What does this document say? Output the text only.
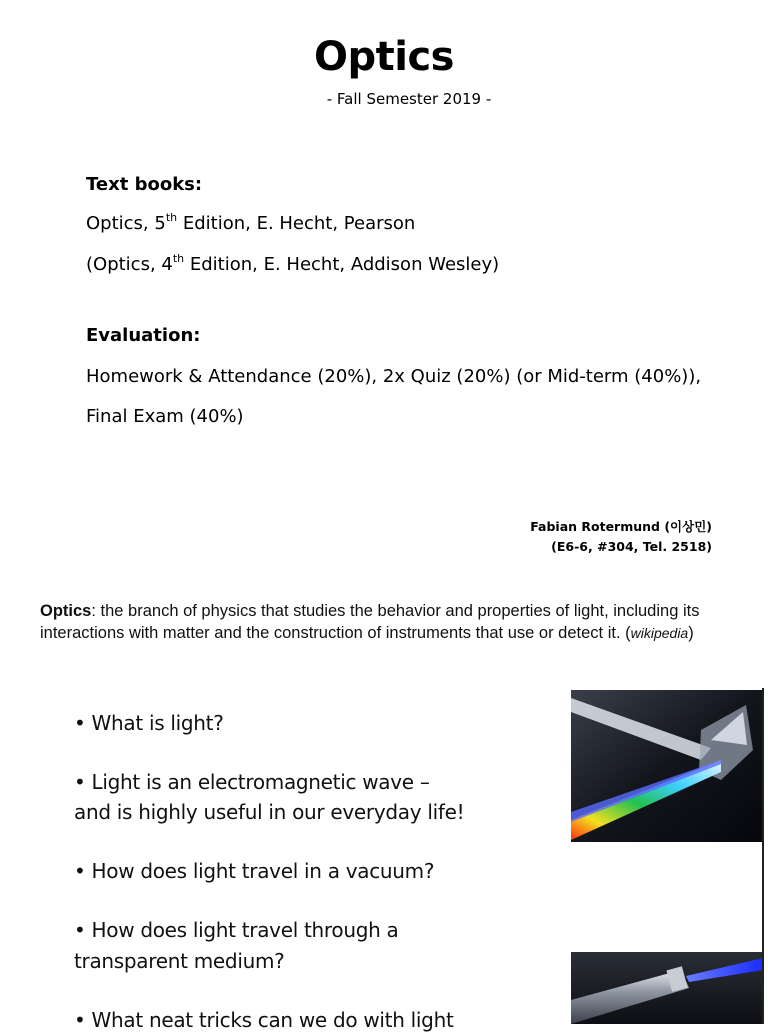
Optics
- Fall Semester 2019 -
Text books:
Optics, 5th Edition, E. Hecht, Pearson
(Optics, 4th Edition, E. Hecht, Addison Wesley)
Evaluation:
Homework & Attendance (20%), 2x Quiz (20%) (or Mid-term (40%)),
Final Exam (40%)
Fabian Rotermund (이상민)
(E6-6, #304, Tel. 2518)
Optics: the branch of physics that studies the behavior and properties of light, including its interactions with matter and the construction of instruments that use or detect it. (wikipedia)
• What is light?
• Light is an electromagnetic wave –
and is highly useful in our everyday life!
• How does light travel in a vacuum?
• How does light travel through a
transparent medium?
• What neat tricks can we do with light
